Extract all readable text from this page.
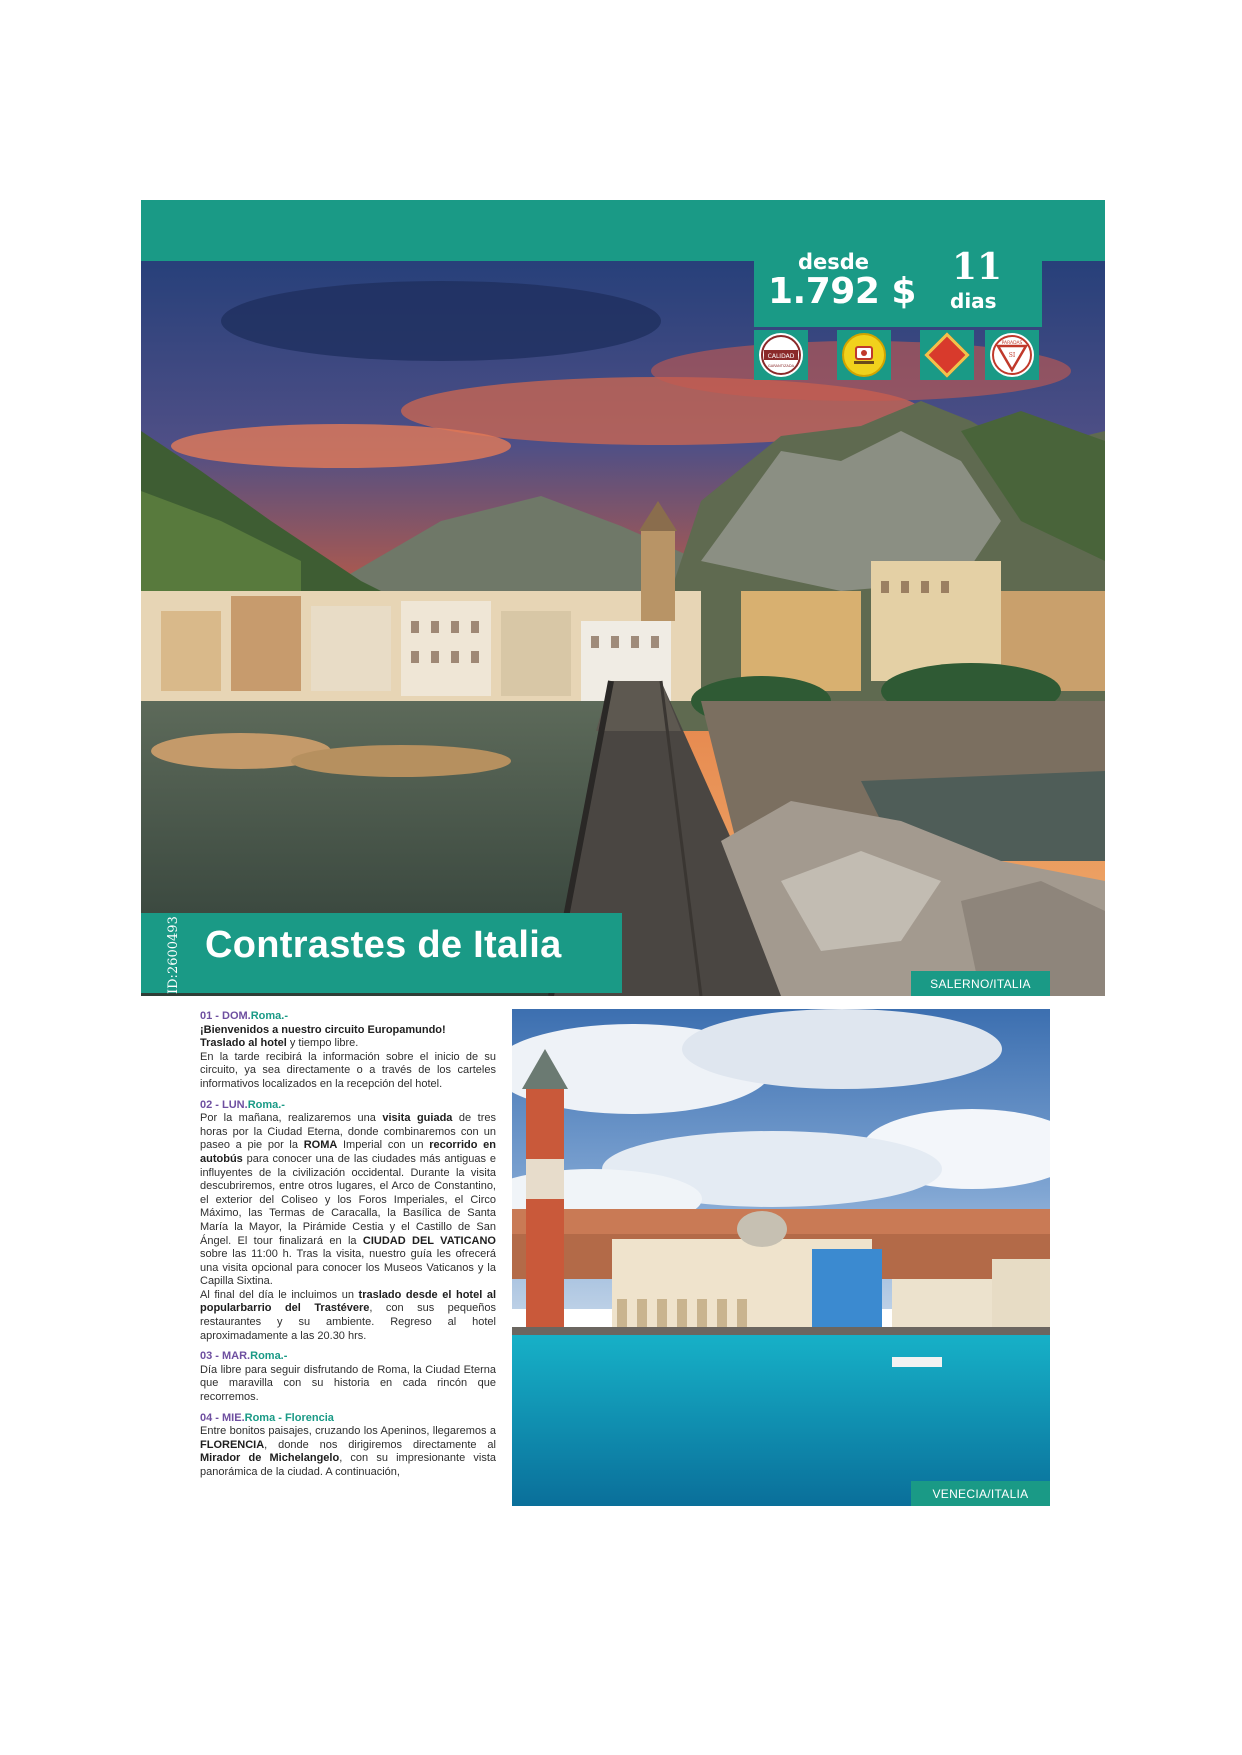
desde
1.792 $
11
dias
CALIDAD
GARANTIZADA
PARADAS
SI
ID:2600493 Contrastes de Italia
SALERNO/ITALIA
01 - DOM.Roma.-

¡Bienvenidos a nuestro circuito Europamundo!

Traslado al hotel y tiempo libre.

En la tarde recibirá la información sobre el inicio de su circuito, ya sea directamente o a través de los carteles informativos localizados en la recepción del hotel.

02 - LUN.Roma.-

Por la mañana, realizaremos una visita guiada de tres horas por la Ciudad Eterna, donde combinaremos con un paseo a pie por la ROMA Imperial con un recorrido en autobús para conocer una de las ciudades más antiguas e influyentes de la civilización occidental. Durante la visita descubriremos, entre otros lugares, el Arco de Constantino, el exterior del Coliseo y los Foros Imperiales, el Circo Máximo, las Termas de Caracalla, la Basílica de Santa María la Mayor, la Pirámide Cestia y el Castillo de San Ángel. El tour finalizará en la CIUDAD DEL VATICANO sobre las 11:00 h. Tras la visita, nuestro guía les ofrecerá una visita opcional para conocer los Museos Vaticanos y la Capilla Sixtina.

Al final del día le incluimos un traslado desde el hotel al popularbarrio del Trastévere, con sus pequeños restaurantes y su ambiente. Regreso al hotel aproximadamente a las 20.30 hrs.

03 - MAR.Roma.-

Día libre para seguir disfrutando de Roma, la Ciudad Eterna que maravilla con su historia en cada rincón que recorremos.

04 - MIE.Roma - Florencia

Entre bonitos paisajes, cruzando los Apeninos, llegaremos a FLORENCIA, donde nos dirigiremos directamente al Mirador de Michelangelo, con su impresionante vista panorámica de la ciudad. A continuación,

VENECIA/ITALIA
